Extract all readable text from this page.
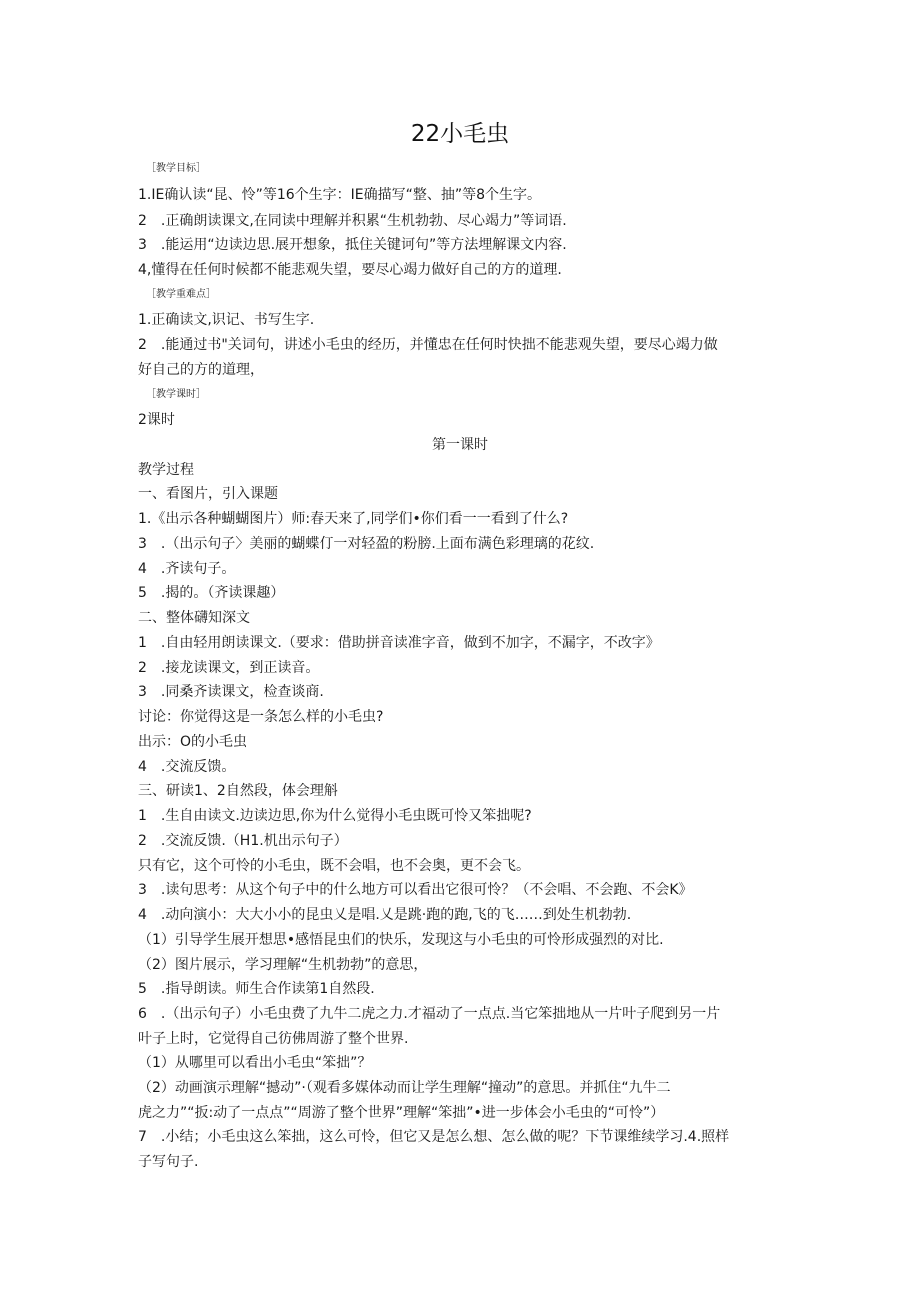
22小毛虫
［教学目标］
1.IE确认读“昆、怜”等16个生字：IE确描写“整、抽”等8个生字。
2　.正确朗读课文,在同读中理解并积累“生机勃勃、尽心竭力”等词语.
3　.能运用“边读边思.展开想象，抵住关键诃句”等方法埋解课文内容.
4,懂得在任何时候都不能悲观失望，要尽心竭力做好自己的方的道理.
［教学重难点］
1.正确读文,识记、书写生字.
2　.能通过书"关词句，讲述小毛虫的经历，并懂忠在任何时快拙不能悲观失望，要尽心竭力做
好自己的方的道理，
［教学课时］
2课时
第一课时
教学过程
一、看图片，引入课题
1.《出示各种蝴蝴图片）师:春天来了,同学们•你们看一一看到了什么?
3　.（出示句子〉美丽的蝴蝶仃一对轻盈的粉膀.上面布满色彩理璃的花纹.
4　.齐读句子。
5　.揭的。（齐读课趣）
二、整体礴知深文
1　.自由轻用朗读课文.（要求：借助拼音读准字音，做到不加字，不漏字，不改字》
2　.接龙读课文，到正读音。
3　.同桑齐读课文，检查谈商.
讨论：你觉得这是一条怎么样的小毛虫?
出示：O的小毛虫
4　.交流反馈。
三、研读1、2自然段，体会理斛
1　.生自由读文.边读边思,你为什么觉得小毛虫既可怜又笨拙呢?
2　.交流反馈.（H1.机出示句子）
只有它，这个可怜的小毛虫，既不会唱，也不会奥，更不会飞。
3　.读句思考：从这个句子中的什么地方可以看出它很可怜？（不会唱、不会跑、不会K》
4　.动向演小：大大小小的昆虫乂是唱.乂是跳·跑的跑,飞的飞……到处生机勃勃.
（1）引导学生展开想思•感悟昆虫们的快乐，发现这与小毛虫的可怜形成强烈的对比.
（2）图片展示，学习理解“生机勃勃”的意思，
5　.指导朗读。师生合作读第1自然段.
6　.（出示句子）小毛虫费了九牛二虎之力.才福动了一点点.当它笨拙地从一片叶子爬到另一片
叶子上时，它觉得自己彷佛周游了整个世界.
（1）从哪里可以看出小毛虫“笨拙”？
（2）动画演示理解“撼动”·（观看多媒体动而让学生理解“撞动”的意思。并抓住“九牛二
虎之力”“扳:动了一点点”“周游了整个世界”理解“笨拙”•进一步体会小毛虫的“可怜”）
7　.小结；小毛虫这么笨拙，这么可怜，但它又是怎么想、怎么做的呢？下节课维续学习.4.照样
子写句子.
